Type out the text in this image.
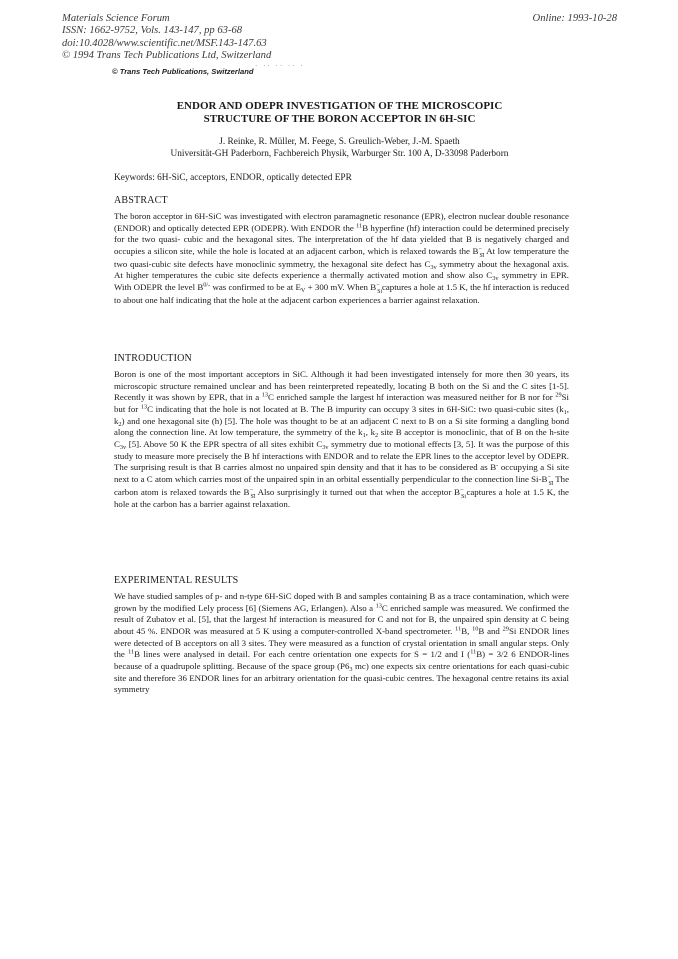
Materials Science Forum
ISSN: 1662-9752, Vols. 143-147, pp 63-68
doi:10.4028/www.scientific.net/MSF.143-147.63
© 1994 Trans Tech Publications Ltd, Switzerland
Online: 1993-10-28
· ·· ·· ·· ·
© Trans Tech Publications, Switzerland

ENDOR AND ODEPR INVESTIGATION OF THE MICROSCOPIC

STRUCTURE OF THE BORON ACCEPTOR IN 6H-SIC

J. Reinke, R. Müller, M. Feege, S. Greulich-Weber, J.-M. Spaeth

Universität-GH Paderborn, Fachbereich Physik, Warburger Str. 100 A, D-33098 Paderborn

Keywords: 6H-SiC, acceptors, ENDOR, optically detected EPR
ABSTRACT

The boron acceptor in 6H-SiC was investigated with electron paramagnetic resonance (EPR), electron nuclear double resonance (ENDOR) and optically detected EPR (ODEPR). With ENDOR the $^{11}$B hyperfine (hf) interaction could be determined precisely for the two quasi- cubic and the hexagonal sites. The interpretation of the hf data yielded that B is negatively charged and occupies a silicon site, while the hole is located at an adjacent carbon, which is relaxed towards the B−
Si
. At low temperature the two quasi-cubic site defects have monoclinic symmetry, the hexagonal site defect has $C_{3v}$ symmetry about the hexagonal axis. At higher temperatures the cubic site defects experience a thermally activated motion and show also $C_{3v}$ symmetry in EPR. With ODEPR the level $B^{0/-}$ was confirmed to be at $E_V + 300$ mV. When B−
Si
captures a hole at 1.5 K, the hf interaction is reduced to about one half indicating that the hole at the adjacent carbon experiences a barrier against relaxation.

INTRODUCTION

Boron is one of the most important acceptors in SiC. Although it had been investigated intensely for more then 30 years, its microscopic structure remained unclear and has been reinterpreted repeatedly, locating B both on the Si and the C sites [1-5]. Recently it was shown by EPR, that in a $^{13}$C enriched sample the largest hf interaction was measured neither for B nor for $^{29}$Si but for $^{13}$C indicating that the hole is not located at B. The B impurity can occupy 3 sites in 6H-SiC: two quasi-cubic sites ($k_1$, $k_2$) and one hexagonal site (h) [5]. The hole was thought to be at an adjacent C next to B on a Si site forming a dangling bond along the connection line. At low temperature, the symmetry of the $k_1$, $k_2$ site B acceptor is monoclinic, that of B on the h-site $C_{3v}$ [5]. Above 50 K the EPR spectra of all sites exhibit $C_{3v}$ symmetry due to motional effects [3, 5]. It was the purpose of this study to measure more precisely the B hf interactions with ENDOR and to relate the EPR lines to the acceptor level by ODEPR. The surprising result is that B carries almost no unpaired spin density and that it has to be considered as B- occupying a Si site next to a C atom which carries most of the unpaired spin in an orbital essentially perpendicular to the connection line Si-B−
Si
. The carbon atom is relaxed towards the B−
Si
. Also surprisingly it turned out that when the acceptor B−
Si
captures a hole at 1.5 K, the hole at the carbon has a barrier against relaxation.

EXPERIMENTAL RESULTS

We have studied samples of p- and n-type 6H-SiC doped with B and samples containing B as a trace contamination, which were grown by the modified Lely process [6] (Siemens AG, Erlangen). Also a $^{13}$C enriched sample was measured. We confirmed the result of Zubatov et al. [5], that the largest hf interaction is measured for C and not for B, the unpaired spin density at C being about 45 %. ENDOR was measured at 5 K using a computer-controlled X-band spectrometer. $^{11}$B, $^{10}$B and $^{29}$Si ENDOR lines were detected of B acceptors on all 3 sites. They were measured as a function of crystal orientation in small angular steps. Only the $^{11}$B lines were analysed in detail. For each centre orientation one expects for S = 1/2 and I ($^{11}$B) = 3/2 6 ENDOR-lines because of a quadrupole splitting. Because of the space group ($P6_3$ mc) one expects six centre orientations for each quasi-cubic site and therefore 36 ENDOR lines for an arbitrary orientation for the quasi-cubic centres. The hexagonal centre retains its axial symmetry
